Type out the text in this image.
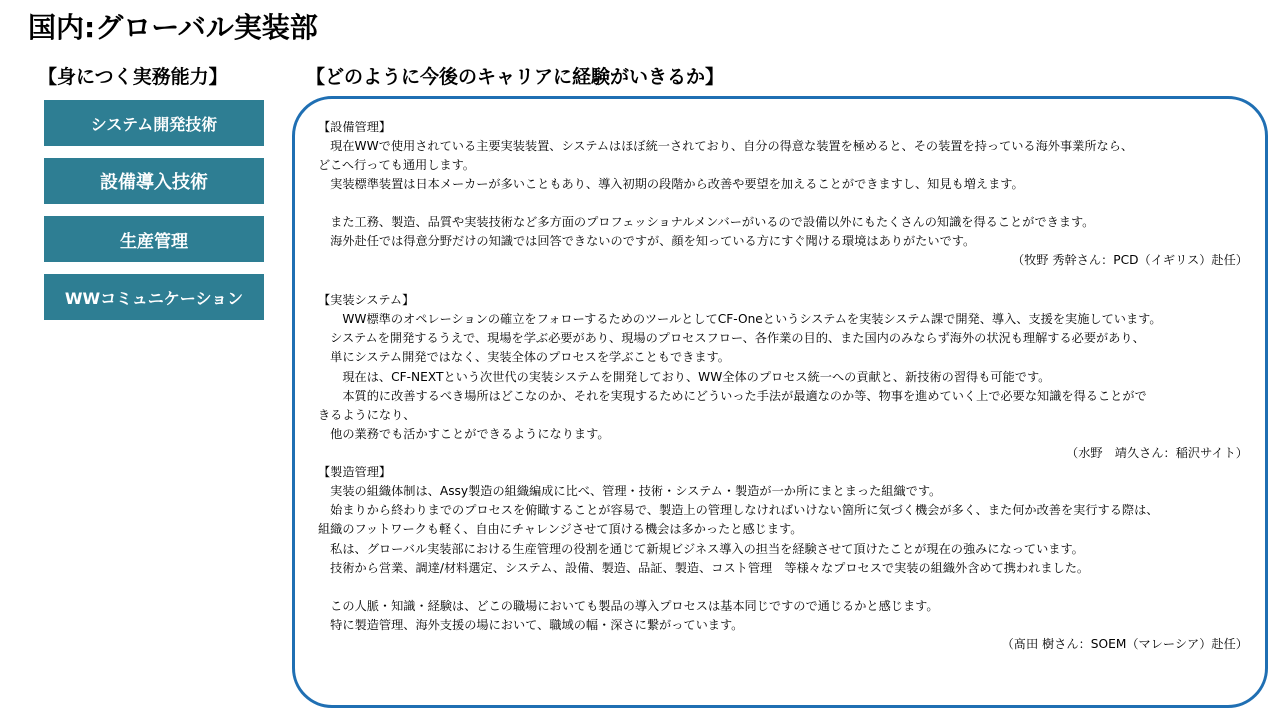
国内:グローバル実装部
【身につく実務能力】	【どのように今後のキャリアに経験がいきるか】
システム開発技術
設備導入技術
生産管理
WWコミュニケーション
【設備管理】
　現在WWで使用されている主要実装装置、システムはほぼ統一されており、自分の得意な装置を極めると、その装置を持っている海外事業所なら、
どこへ行っても通用します。
　実装標準装置は日本メーカーが多いこともあり、導入初期の段階から改善や要望を加えることができますし、知見も増えます。
　また工務、製造、品質や実装技術など多方面のプロフェッショナルメンバーがいるので設備以外にもたくさんの知識を得ることができます。
　海外赴任では得意分野だけの知識では回答できないのですが、顔を知っている方にすぐ聞ける環境はありがたいです。
（牧野 秀幹さん：PCD（イギリス）赴任）
【実装システム】
　　WW標準のオペレーションの確立をフォローするためのツールとしてCF-Oneというシステムを実装システム課で開発、導入、支援を実施しています。
　システムを開発するうえで、現場を学ぶ必要があり、現場のプロセスフロー、各作業の目的、また国内のみならず海外の状況も理解する必要があり、
　単にシステム開発ではなく、実装全体のプロセスを学ぶこともできます。
　　現在は、CF-NEXTという次世代の実装システムを開発しており、WW全体のプロセス統一への貢献と、新技術の習得も可能です。
　　本質的に改善するべき場所はどこなのか、それを実現するためにどういった手法が最適なのか等、物事を進めていく上で必要な知識を得ることがで
きるようになり、
　他の業務でも活かすことができるようになります。
（水野　靖久さん：稲沢サイト）
【製造管理】
　実装の組織体制は、Assy製造の組織編成に比べ、管理・技術・システム・製造が一か所にまとまった組織です。
　始まりから終わりまでのプロセスを俯瞰することが容易で、製造上の管理しなければいけない箇所に気づく機会が多く、また何か改善を実行する際は、
組織のフットワークも軽く、自由にチャレンジさせて頂ける機会は多かったと感じます。
　私は、グローバル実装部における生産管理の役割を通じて新規ビジネス導入の担当を経験させて頂けたことが現在の強みになっています。
　技術から営業、調達/材料選定、システム、設備、製造、品証、製造、コスト管理　等様々なプロセスで実装の組織外含めて携われました。
　この人脈・知識・経験は、どこの職場においても製品の導入プロセスは基本同じですので通じるかと感じます。
　特に製造管理、海外支援の場において、職域の幅・深さに繋がっています。
（髙田 樹さん：SOEM（マレーシア）赴任）
